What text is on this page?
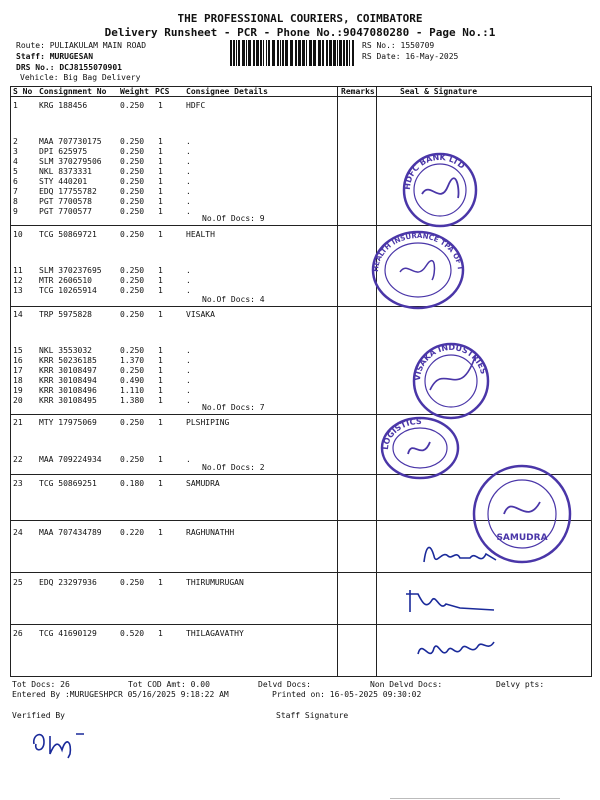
THE PROFESSIONAL COURIERS, COIMBATORE
Delivery Runsheet - PCR - Phone No.:9047080280 - Page No.:1
Route: PULIAKULAM MAIN ROAD
Staff: MURUGESAN
DRS No.: DCJ8155070901
Vehicle: Big Bag Delivery
RS No.: 1550709
RS Date: 16-May-2025
S No Consignment No Weight PCS Consignee Details	Remarks	Seal & Signature
1	KRG 188456	0.250 1	HDFC
2	MAA 707730175 0.250 1	.
3	DPI 625975	0.250 1	.
4	SLM 370279506 0.250 1	.
5	NKL 8373331	0.250 1	.
6	STY 440201	0.250 1	.
7	EDQ 17755782	0.250 1	.
8	PGT 7700578	0.250 1	.
9	PGT 7700577	0.250 1	.
10 TCG 50869721	0.250 1	HEALTH
11 SLM 370237695 0.250 1	.
12 MTR 2606510	0.250 1	.
13 TCG 10265914	0.250 1	.
14 TRP 5975828	0.250 1	VISAKA
15 NKL 3553032	0.250 1	.
16 KRR 50236185	1.370 1	.
17 KRR 30108497	0.250 1	.
18 KRR 30108494	0.490 1	.
19 KRR 30108496	1.110 1	.
20 KRR 30108495	1.380 1	.
21 MTY 17975069	0.250 1	PLSHIPING
22 MAA 709224934 0.250 1	.
23 TCG 50869251	0.180 1	SAMUDRA
24 MAA 707434789 0.220 1	RAGHUNATHH
25 EDQ 23297936	0.250 1	THIRUMURUGAN
26 TCG 41690129	0.520 1	THILAGAVATHY
No.Of Docs: 9
No.Of Docs: 4
No.Of Docs: 7
No.Of Docs: 2
HDFC BANK LTD
HEALTH INSURANCE TPA OF INDIA LTD
VISAKA INDUSTRIES
LOGISTICS
SAMUDRA
Tot Docs: 26	Tot COD Amt: 0.00	Delvd Docs:	Non Delvd Docs:	Delvy pts:
Entered By :MURUGESHPCR 05/16/2025 9:18:22 AM	Printed on: 16-05-2025 09:30:02
Verified By	Staff Signature
